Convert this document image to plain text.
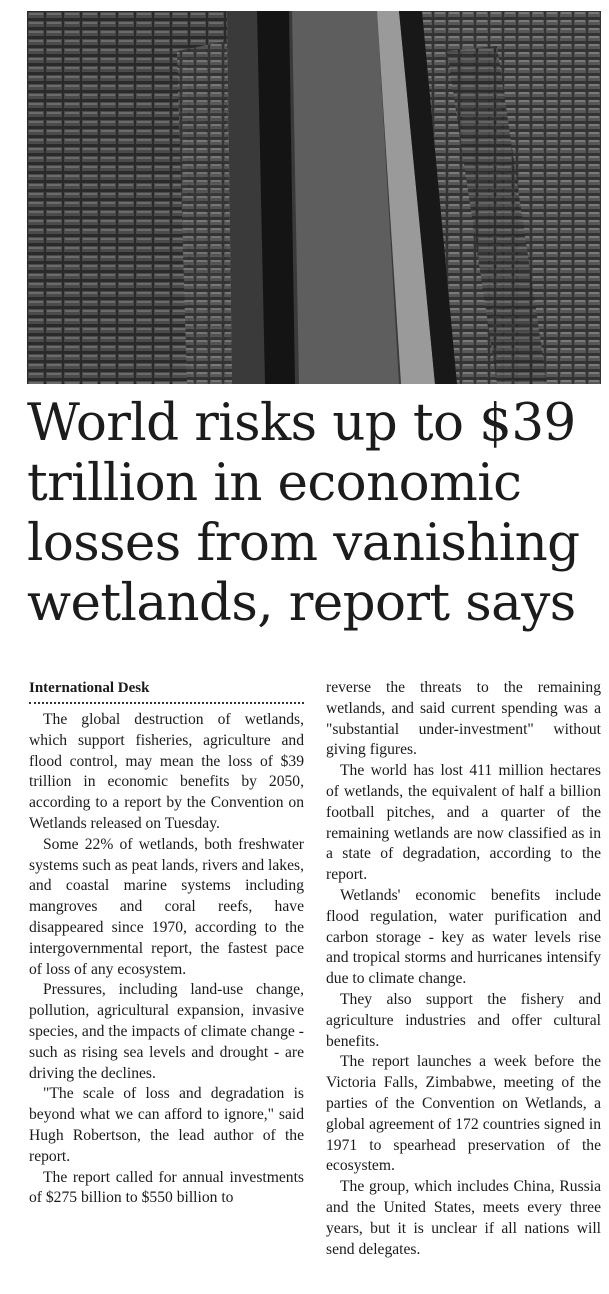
World risks up to $39 trillion in economic losses from vanishing wetlands, report says
International Desk

The global destruction of wetlands, which support fisheries, agriculture and flood control, may mean the loss of $39 trillion in economic benefits by 2050, according to a report by the Convention on Wetlands released on Tuesday.

Some 22% of wetlands, both freshwater systems such as peat lands, rivers and lakes, and coastal marine systems including mangroves and coral reefs, have disappeared since 1970, according to the intergovernmental report, the fastest pace of loss of any ecosystem.

Pressures, including land-use change, pollution, agricultural expansion, invasive species, and the impacts of climate change - such as rising sea levels and drought - are driving the declines.

"The scale of loss and degradation is beyond what we can afford to ignore," said Hugh Robertson, the lead author of the report.

The report called for annual investments of $275 billion to $550 billion to

reverse the threats to the remaining wetlands, and said current spending was a "substantial under-investment" without giving figures.

The world has lost 411 million hectares of wetlands, the equivalent of half a billion football pitches, and a quarter of the remaining wetlands are now classified as in a state of degradation, according to the report.

Wetlands' economic benefits include flood regulation, water purification and carbon storage - key as water levels rise and tropical storms and hurricanes intensify due to climate change.

They also support the fishery and agriculture industries and offer cultural benefits.

The report launches a week before the Victoria Falls, Zimbabwe, meeting of the parties of the Convention on Wetlands, a global agreement of 172 countries signed in 1971 to spearhead preservation of the ecosystem.

The group, which includes China, Russia and the United States, meets every three years, but it is unclear if all nations will send delegates.
